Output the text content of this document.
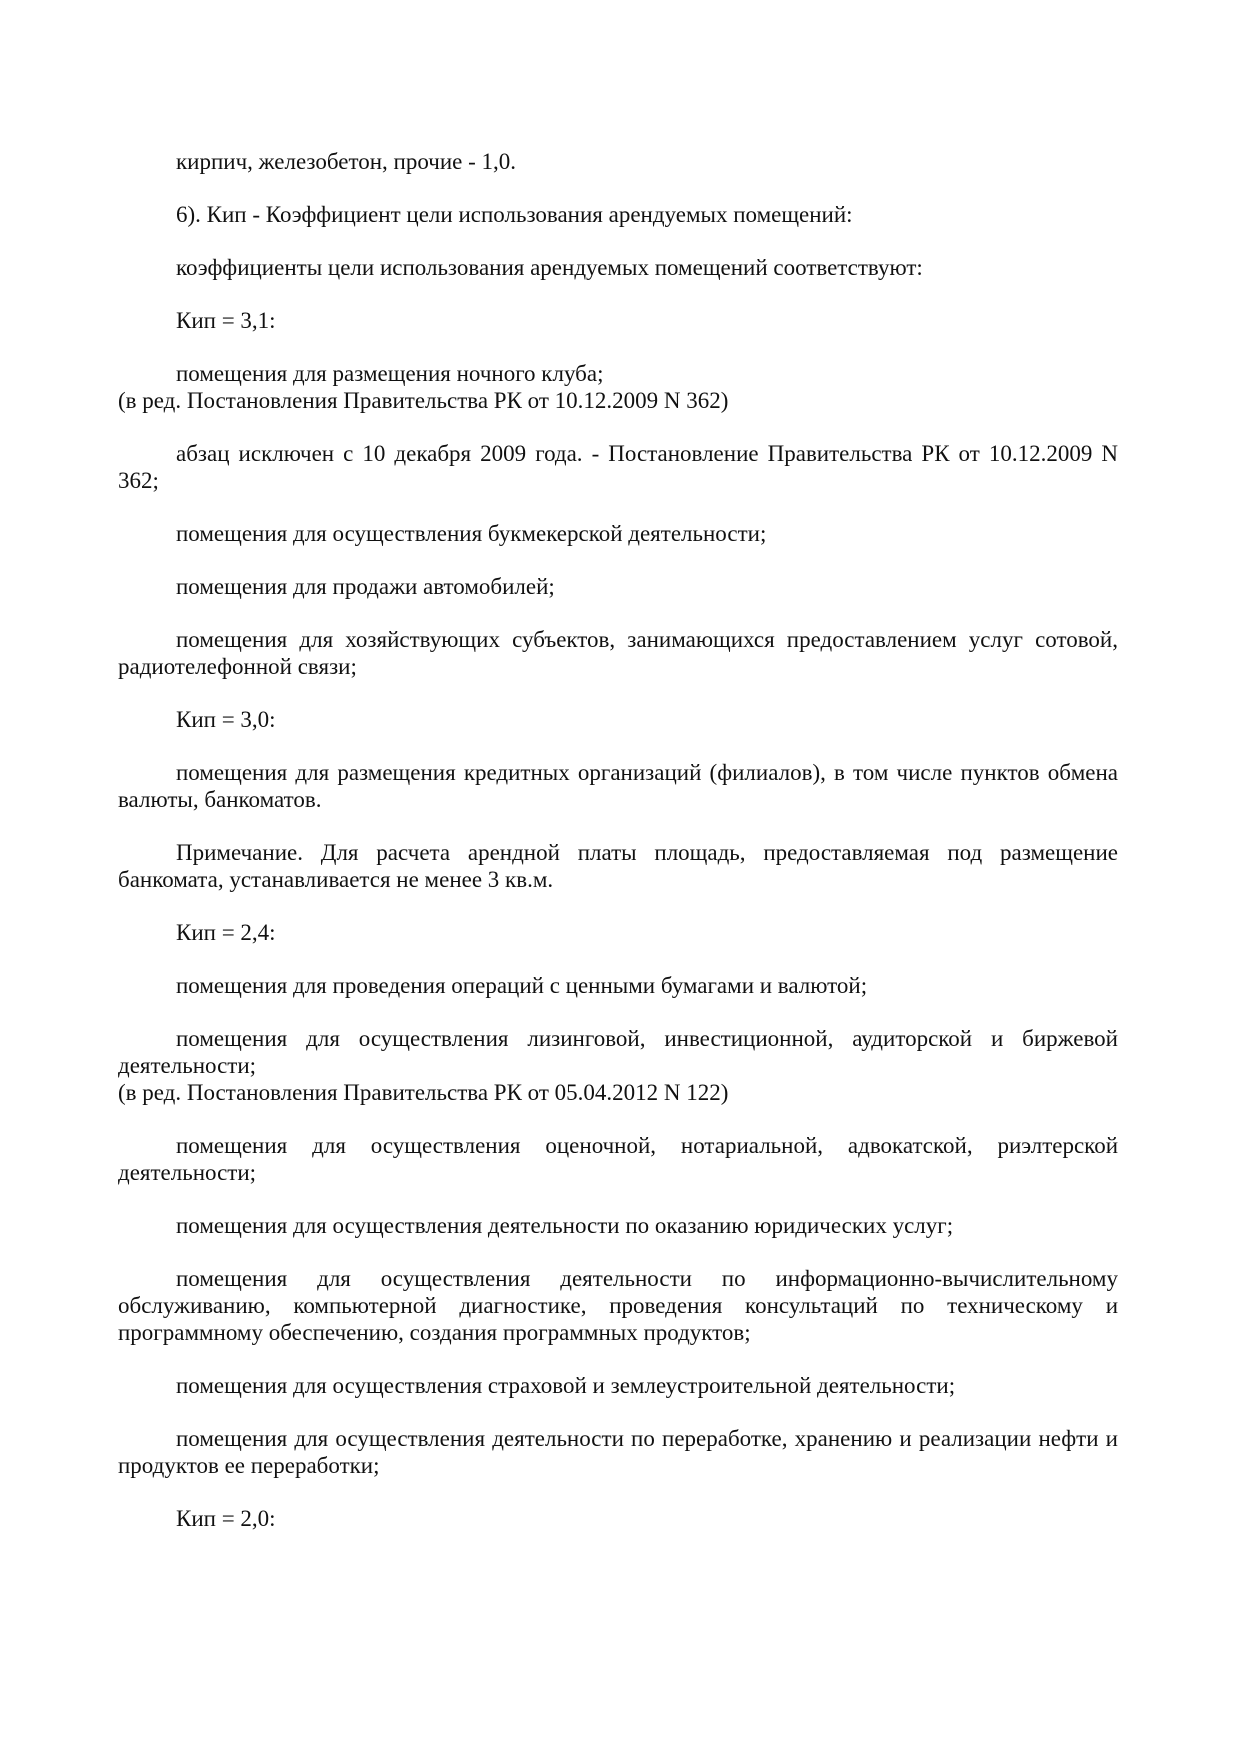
кирпич, железобетон, прочие - 1,0.

6). Кип - Коэффициент цели использования арендуемых помещений:

коэффициенты цели использования арендуемых помещений соответствуют:

Кип = 3,1:

помещения для размещения ночного клуба;

(в ред. Постановления Правительства РК от 10.12.2009 N 362)

абзац исключен с 10 декабря 2009 года. - Постановление Правительства РК от 10.12.2009 N 362;

помещения для осуществления букмекерской деятельности;

помещения для продажи автомобилей;

помещения для хозяйствующих субъектов, занимающихся предоставлением услуг сотовой, радиотелефонной связи;

Кип = 3,0:

помещения для размещения кредитных организаций (филиалов), в том числе пунктов обмена валюты, банкоматов.

Примечание. Для расчета арендной платы площадь, предоставляемая под размещение банкомата, устанавливается не менее 3 кв.м.

Кип = 2,4:

помещения для проведения операций с ценными бумагами и валютой;

помещения для осуществления лизинговой, инвестиционной, аудиторской и биржевой деятельности;

(в ред. Постановления Правительства РК от 05.04.2012 N 122)

помещения для осуществления оценочной, нотариальной, адвокатской, риэлтерской деятельности;

помещения для осуществления деятельности по оказанию юридических услуг;

помещения для осуществления деятельности по информационно-вычислительному обслуживанию, компьютерной диагностике, проведения консультаций по техническому и программному обеспечению, создания программных продуктов;

помещения для осуществления страховой и землеустроительной деятельности;

помещения для осуществления деятельности по переработке, хранению и реализации нефти и продуктов ее переработки;

Кип = 2,0:
